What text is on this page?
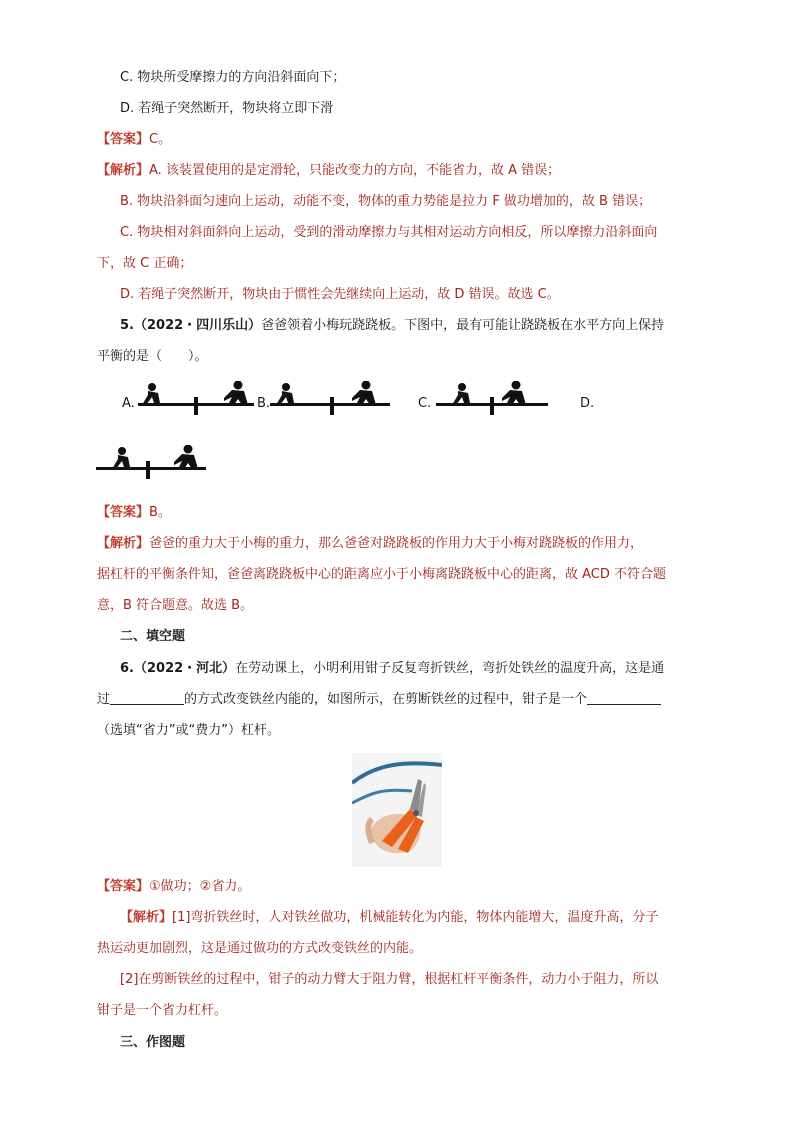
C. 物块所受摩擦力的方向沿斜面向下；
D. 若绳子突然断开，物块将立即下滑
【答案】C。
【解析】A. 该装置使用的是定滑轮，只能改变力的方向，不能省力，故 A 错误；
B. 物块沿斜面匀速向上运动，动能不变，物体的重力势能是拉力 F 做功增加的，故 B 错误；
C. 物块相对斜面斜向上运动，受到的滑动摩擦力与其相对运动方向相反，所以摩擦力沿斜面向
下，故 C 正确；
D. 若绳子突然断开，物块由于惯性会先继续向上运动，故 D 错误。故选 C。
5.（2022・四川乐山）爸爸领着小梅玩跷跷板。下图中，最有可能让跷跷板在水平方向上保持
平衡的是（　　）。
A.	B.	C.	D.
【答案】B。
【解析】爸爸的重力大于小梅的重力，那么爸爸对跷跷板的作用力大于小梅对跷跷板的作用力，
据杠杆的平衡条件知，爸爸离跷跷板中心的距离应小于小梅离跷跷板中心的距离，故 ACD 不符合题
意，B 符合题意。故选 B。
二、填空题
6.（2022・河北）在劳动课上，小明利用钳子反复弯折铁丝，弯折处铁丝的温度升高，这是通
过	的方式改变铁丝内能的，如图所示，在剪断铁丝的过程中，钳子是一个
（选填“省力”或“费力”）杠杆。
【答案】①做功；②省力。
【解析】[1]弯折铁丝时，人对铁丝做功，机械能转化为内能，物体内能增大，温度升高，分子
热运动更加剧烈，这是通过做功的方式改变铁丝的内能。
[2]在剪断铁丝的过程中，钳子的动力臂大于阻力臂，根据杠杆平衡条件，动力小于阻力，所以
钳子是一个省力杠杆。
三、作图题
